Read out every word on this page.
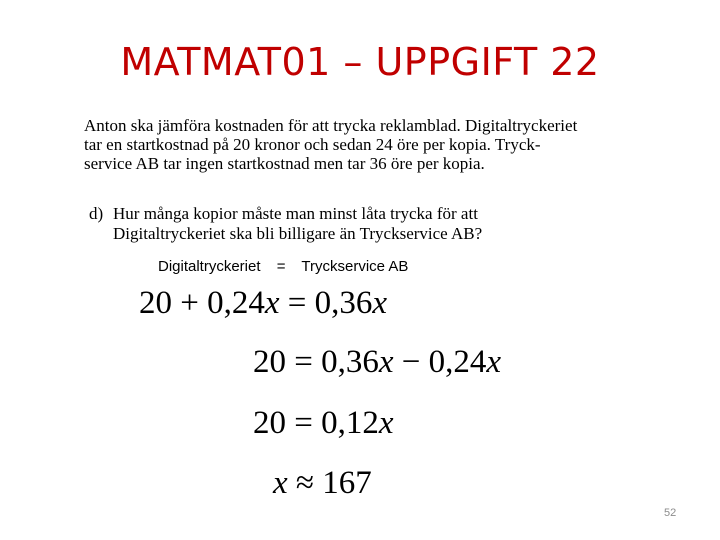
MATMAT01 – UPPGIFT 22
Anton ska jämföra kostnaden för att trycka reklamblad. Digitaltryckeriet
tar en startkostnad på 20 kronor och sedan 24 öre per kopia. Tryck-
service AB tar ingen startkostnad men tar 36 öre per kopia.
d) Hur många kopior måste man minst låta trycka för att
Digitaltryckeriet ska bli billigare än Tryckservice AB?
Digitaltryckeriet = Tryckservice AB
20 + 0,24x = 0,36x
20 = 0,36x − 0,24x
20 = 0,12x
x ≈ 167
52
